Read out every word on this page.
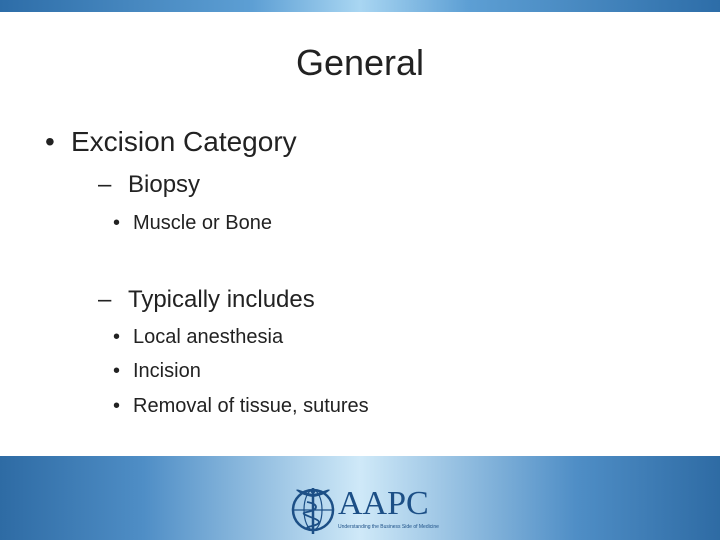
General
• Excision Category
– Biopsy
• Muscle or Bone
– Typically includes
• Local anesthesia
• Incision
• Removal of tissue, sutures
AAPC
Understanding the Business Side of Medicine
